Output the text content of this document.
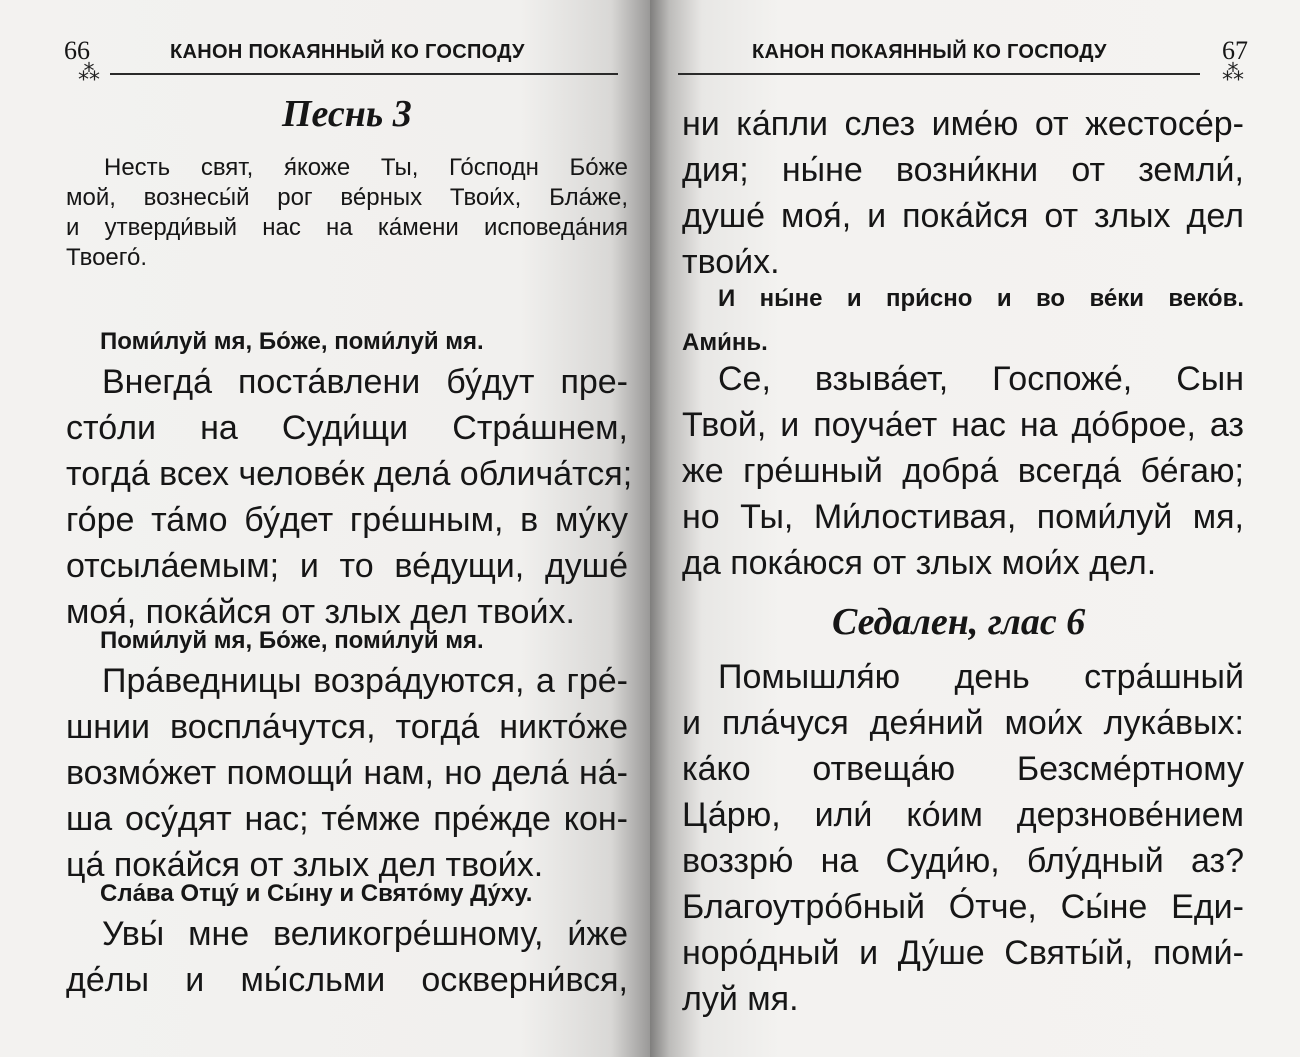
66	КАНОН ПОКАЯННЫЙ КО ГОСПОДУ
⁂
Песнь 3
Несть свят, я́коже Ты, Го́сподн Бо́же
мой, вознесы́й рог ве́рных Твои́х, Бла́же,
и утверди́вый нас на ка́мени исповеда́ния
Твоего́.
Поми́луй мя, Бо́же, поми́луй мя.
Внегда́ поста́влени бу́дут пре-
сто́ли на Суди́щи Стра́шнем,
тогда́ всех челове́к дела́ облича́тся;
го́ре та́мо бу́дет гре́шным, в му́ку
отсыла́емым; и то ве́дущи, душе́
моя́, пока́йся от злых дел твои́х.
Поми́луй мя, Бо́же, поми́луй мя.
Пра́ведницы возра́дуются, а гре́-
шнии воспла́чутся, тогда́ никто́же
возмо́жет помощи́ нам, но дела́ на́-
ша осу́дят нас; те́мже пре́жде кон-
ца́ пока́йся от злых дел твои́х.
Сла́ва Отцу́ и Сы́ну и Свято́му Ду́ху.
Увы́ мне великогре́шному, и́же
де́лы и мы́сльми оскверни́вся,
67
КАНОН ПОКАЯННЫЙ КО ГОСПОДУ
⁂
ни ка́пли слез име́ю от жестосе́р-
дия; ны́не возни́кни от земли́,
душе́ моя́, и пока́йся от злых дел
твои́х.
И ны́не и при́сно и во ве́ки веко́в.
Ами́нь.
Се, взыва́ет, Госпоже́, Сын
Твой, и поуча́ет нас на до́брое, аз
же гре́шный добра́ всегда́ бе́гаю;
но Ты, Ми́лостивая, поми́луй мя,
да пока́юся от злых мои́х дел.
Седален, глас 6
Помышля́ю день стра́шный
и пла́чуся дея́ний мои́х лука́вых:
ка́ко отвеща́ю Безсме́ртному
Ца́рю, или́ ко́им дерзнове́нием
воззрю́ на Суди́ю, блу́дный аз?
Благоутро́бный О́тче, Сы́не Еди-
норо́дный и Ду́ше Святы́й, поми́-
луй мя.
